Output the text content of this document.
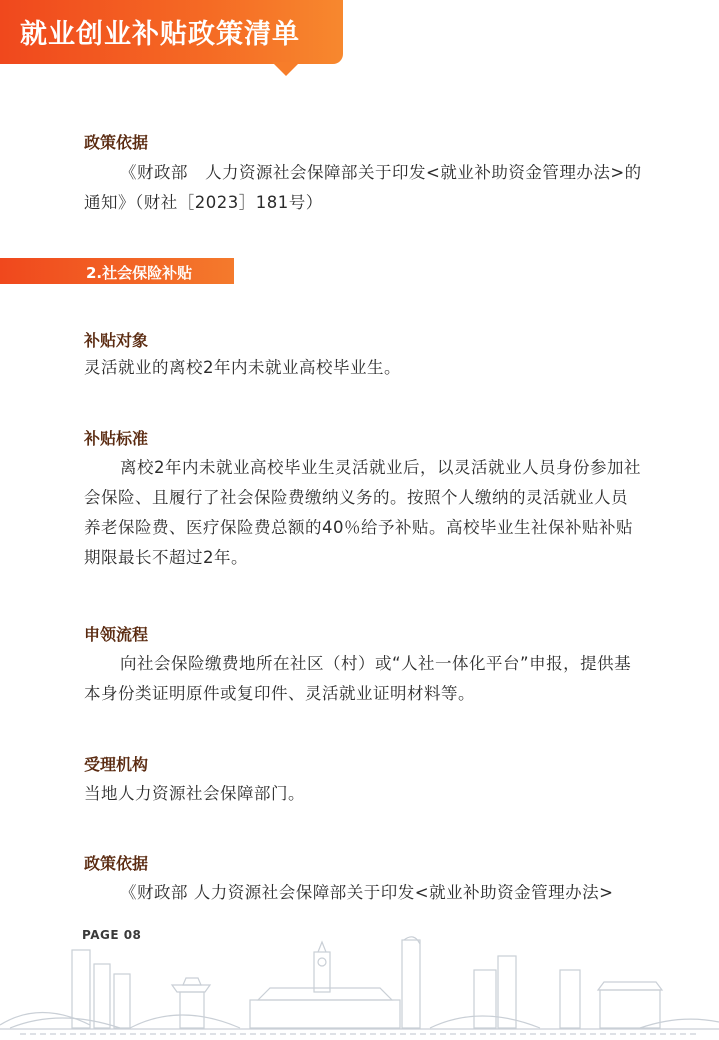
就业创业补贴政策清单
政策依据
《财政部　人力资源社会保障部关于印发<就业补助资金管理办法>的通知》（财社［2023］181号）
2.社会保险补贴
补贴对象
灵活就业的离校2年内未就业高校毕业生。
补贴标准
离校2年内未就业高校毕业生灵活就业后，以灵活就业人员身份参加社会保险、且履行了社会保险费缴纳义务的。按照个人缴纳的灵活就业人员养老保险费、医疗保险费总额的40％给予补贴。高校毕业生社保补贴补贴期限最长不超过2年。
申领流程
向社会保险缴费地所在社区（村）或“人社一体化平台”申报，提供基本身份类证明原件或复印件、灵活就业证明材料等。
受理机构
当地人力资源社会保障部门。
政策依据
《财政部 人力资源社会保障部关于印发<就业补助资金管理办法>
PAGE 08
